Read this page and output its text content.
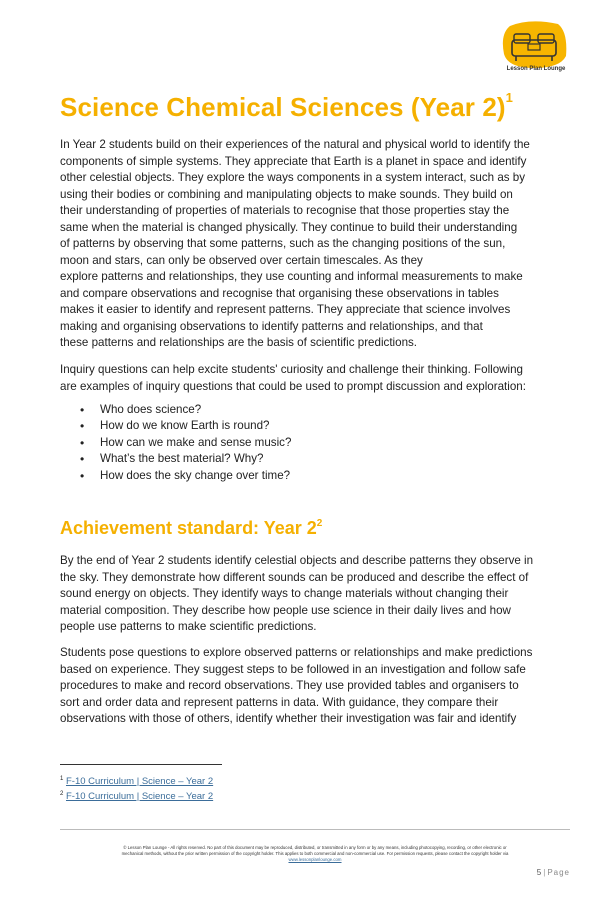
Lesson Plan Lounge
Science Chemical Sciences (Year 2)$^1$
In Year 2 students build on their experiences of the natural and physical world to identify the
components of simple systems. They appreciate that Earth is a planet in space and identify
other celestial objects. They explore the ways components in a system interact, such as by
using their bodies or combining and manipulating objects to make sounds. They build on
their understanding of properties of materials to recognise that those properties stay the
same when the material is changed physically. They continue to build their understanding
of patterns by observing that some patterns, such as the changing positions of the sun,
moon and stars, can only be observed over certain timescales. As they
explore patterns and relationships, they use counting and informal measurements to make
and compare observations and recognise that organising these observations in tables
makes it easier to identify and represent patterns. They appreciate that science involves
making and organising observations to identify patterns and relationships, and that
these patterns and relationships are the basis of scientific predictions.
Inquiry questions can help excite students' curiosity and challenge their thinking. Following
are examples of inquiry questions that could be used to prompt discussion and exploration:
• Who does science?
• How do we know Earth is round?
• How can we make and sense music?
• What’s the best material? Why?
• How does the sky change over time?
Achievement standard: Year $2^2$
By the end of Year 2 students identify celestial objects and describe patterns they observe in
the sky. They demonstrate how different sounds can be produced and describe the effect of
sound energy on objects. They identify ways to change materials without changing their
material composition. They describe how people use science in their daily lives and how
people use patterns to make scientific predictions.
Students pose questions to explore observed patterns or relationships and make predictions
based on experience. They suggest steps to be followed in an investigation and follow safe
procedures to make and record observations. They use provided tables and organisers to
sort and order data and represent patterns in data. With guidance, they compare their
observations with those of others, identify whether their investigation was fair and identify
$^1$ F-10 Curriculum | Science – Year 2
$^2$ F-10 Curriculum | Science – Year 2
© Lesson Plan Lounge - All rights reserved. No part of this document may be reproduced, distributed, or transmitted in any form or by any means, including photocopying, recording, or other electronic or
mechanical methods, without the prior written permission of the copyright holder. This applies to both commercial and non-commercial use. For permission requests, please contact the copyright holder via
www.lessonplanlounge.com
5 | Page
